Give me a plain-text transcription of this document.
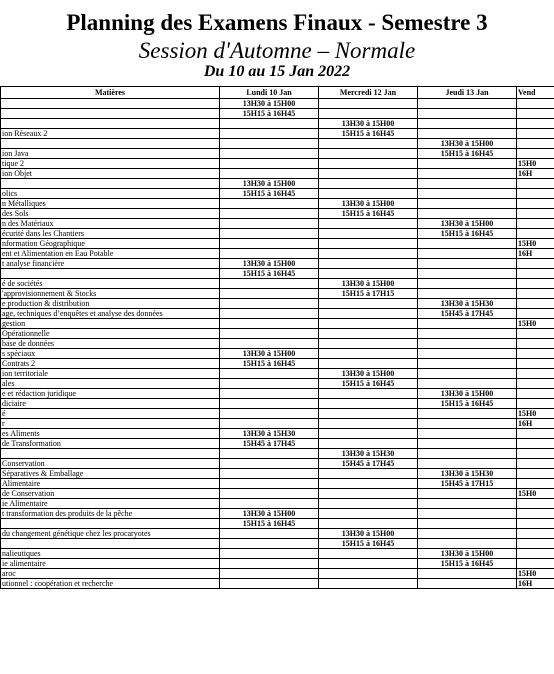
Planning des Examens Finaux - Semestre 3
Session d'Automne – Normale
Du 10 au 15 Jan 2022
Matières	Lundi 10 Jan	Mercredi 12 Jan	Jeudi 13 Jan	Vend
	13H30 à 15H00			
	15H15 à 16H45			
		13H30 à 15H00		
ion Réseaux 2		15H15 à 16H45		
			13H30 à 15H00	
ion Java			15H15 à 16H45	
tique 2				15H0
ion Objet				16H
	13H30 à 15H00			
olics	15H15 à 16H45			
n Métalliques		13H30 à 15H00		
des Sols		15H15 à 16H45		
n des Matériaux			13H30 à 15H00	
écurité dans les Chantiers			15H15 à 16H45	
nformation Géographique				15H0
ent et Alimentation en Eau Potable				16H
t analyse financière	13H30 à 15H00			
	15H15 à 16H45			
é de sociétés		13H30 à 15H00		
'approvisionnement & Stocks		15H15 à 17H15		
e production & distribution			13H30 à 15H30	
age, techniques d’enquêtes et analyse des données			15H45 à 17H45	
gestion				15H0
Opérationnelle				
base de données				
s spéciaux	13H30 à 15H00			
Contrats 2	15H15 à 16H45			
ion territoriale		13H30 à 15H00		
ales		15H15 à 16H45		
e et rédaction juridique			13H30 à 15H00	
diciaire			15H15 à 16H45	
é				15H0
r				16H
es Aliments	13H30 à 15H30			
de Transformation	15H45 à 17H45			
		13H30 à 15H30		
Conservation		15H45 à 17H45		
Séparatives & Emballage			13H30 à 15H30	
Alimentaire			15H45 à 17H15	
de Conservation				15H0
ie Alimentaire				
t transformation des produits de la pêche	13H30 à 15H00			
	15H15 à 16H45			
du changement génétique chez les procaryotes		13H30 à 15H00		
		15H15 à 16H45		
nalieutiques			13H30 à 15H00	
ie alimentaire			15H15 à 16H45	
aroc				15H0
utionnel : coopération et recherche				16H
